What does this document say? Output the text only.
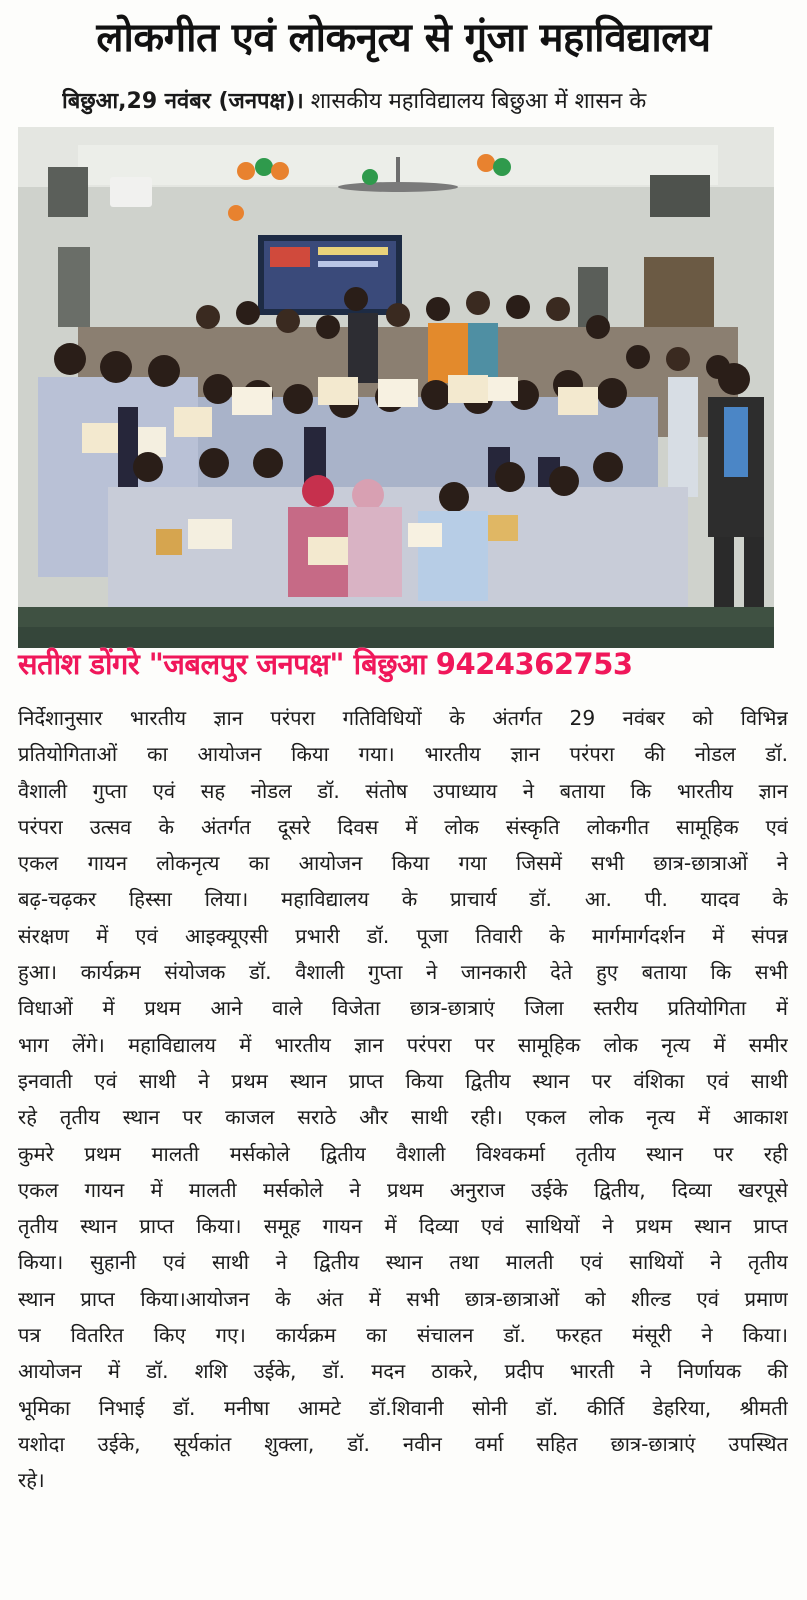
लोकगीत एवं लोकनृत्य से गूंजा महाविद्यालय
बिछुआ,29 नवंबर (जनपक्ष)। शासकीय महाविद्यालय बिछुआ में शासन के
सतीश डोंगरे "जबलपुर जनपक्ष" बिछुआ 9424362753
निर्देशानुसार भारतीय ज्ञान परंपरा गतिविधियों के अंतर्गत 29 नवंबर को विभिन्न
प्रतियोगिताओं का आयोजन किया गया। भारतीय ज्ञान परंपरा की नोडल डॉ.
वैशाली गुप्ता एवं सह नोडल डॉ. संतोष उपाध्याय ने बताया कि भारतीय ज्ञान
परंपरा उत्सव के अंतर्गत दूसरे दिवस में लोक संस्कृति लोकगीत सामूहिक एवं
एकल गायन लोकनृत्य का आयोजन किया गया जिसमें सभी छात्र-छात्राओं ने
बढ़-चढ़कर हिस्सा लिया। महाविद्यालय के प्राचार्य डॉ. आ. पी. यादव के
संरक्षण में एवं आइक्यूएसी प्रभारी डॉ. पूजा तिवारी के मार्गमार्गदर्शन में संपन्न
हुआ। कार्यक्रम संयोजक डॉ. वैशाली गुप्ता ने जानकारी देते हुए बताया कि सभी
विधाओं में प्रथम आने वाले विजेता छात्र-छात्राएं जिला स्तरीय प्रतियोगिता में
भाग लेंगे। महाविद्यालय में भारतीय ज्ञान परंपरा पर सामूहिक लोक नृत्य में समीर
इनवाती एवं साथी ने प्रथम स्थान प्राप्त किया द्वितीय स्थान पर वंशिका एवं साथी
रहे तृतीय स्थान पर काजल सराठे और साथी रही। एकल लोक नृत्य में आकाश
कुमरे प्रथम मालती मर्सकोले द्वितीय वैशाली विश्वकर्मा तृतीय स्थान पर रही
एकल गायन में मालती मर्सकोले ने प्रथम अनुराज उईके द्वितीय, दिव्या खरपूसे
तृतीय स्थान प्राप्त किया। समूह गायन में दिव्या एवं साथियों ने प्रथम स्थान प्राप्त
किया। सुहानी एवं साथी ने द्वितीय स्थान तथा मालती एवं साथियों ने तृतीय
स्थान प्राप्त किया।आयोजन के अंत में सभी छात्र-छात्राओं को शील्ड एवं प्रमाण
पत्र वितरित किए गए। कार्यक्रम का संचालन डॉ. फरहत मंसूरी ने किया।
आयोजन में डॉ. शशि उईके, डॉ. मदन ठाकरे, प्रदीप भारती ने निर्णायक की
भूमिका निभाई डॉ. मनीषा आमटे डॉ.शिवानी सोनी डॉ. कीर्ति डेहरिया, श्रीमती
यशोदा उईके, सूर्यकांत शुक्ला, डॉ. नवीन वर्मा सहित छात्र-छात्राएं उपस्थित
रहे।
